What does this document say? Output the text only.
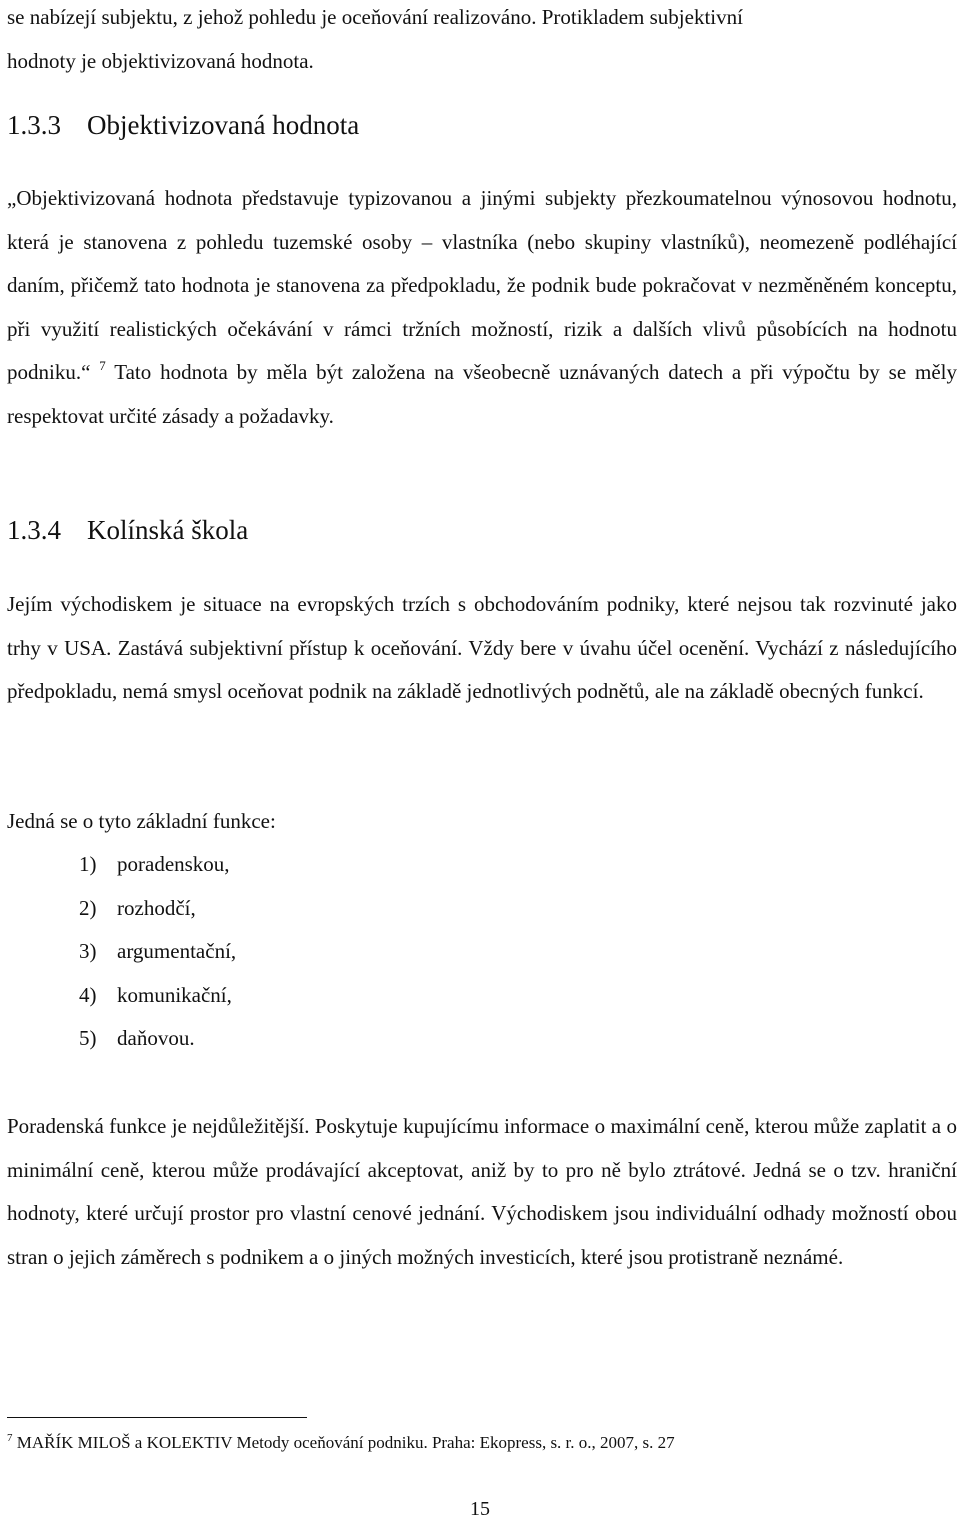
se nabízejí subjektu, z jehož pohledu je oceňování realizováno. Protikladem subjektivní
hodnoty je objektivizovaná hodnota.

1.3.3 Objektivizovaná hodnota

„Objektivizovaná hodnota představuje typizovanou a jinými subjekty přezkoumatelnou výnosovou hodnotu, která je stanovena z pohledu tuzemské osoby – vlastníka (nebo skupiny vlastníků), neomezeně podléhající daním, přičemž tato hodnota je stanovena za předpokladu, že podnik bude pokračovat v nezměněném konceptu, při využití realistických očekávání v rámci tržních možností, rizik a dalších vlivů působících na hodnotu podniku.“ $^7$ Tato hodnota by měla být založena na všeobecně uznávaných datech a při výpočtu by se měly respektovat určité zásady a požadavky.

1.3.4 Kolínská škola

Jejím východiskem je situace na evropských trzích s obchodováním podniky, které nejsou tak rozvinuté jako trhy v USA. Zastává subjektivní přístup k oceňování. Vždy bere v úvahu účel ocenění. Vychází z následujícího předpokladu, nemá smysl oceňovat podnik na základě jednotlivých podnětů, ale na základě obecných funkcí.

Jedná se o tyto základní funkce:

1) poradenskou,
2) rozhodčí,
3) argumentační,
4) komunikační,
5) daňovou.

Poradenská funkce je nejdůležitější. Poskytuje kupujícímu informace o maximální ceně, kterou může zaplatit a o minimální ceně, kterou může prodávající akceptovat, aniž by to pro ně bylo ztrátové. Jedná se o tzv. hraniční hodnoty, které určují prostor pro vlastní cenové jednání. Východiskem jsou individuální odhady možností obou stran o jejich záměrech s podnikem a o jiných možných investicích, které jsou protistraně neznámé.

$^7$ MAŘÍK MILOŠ a KOLEKTIV Metody oceňování podniku. Praha: Ekopress, s. r. o., 2007, s. 27

15
